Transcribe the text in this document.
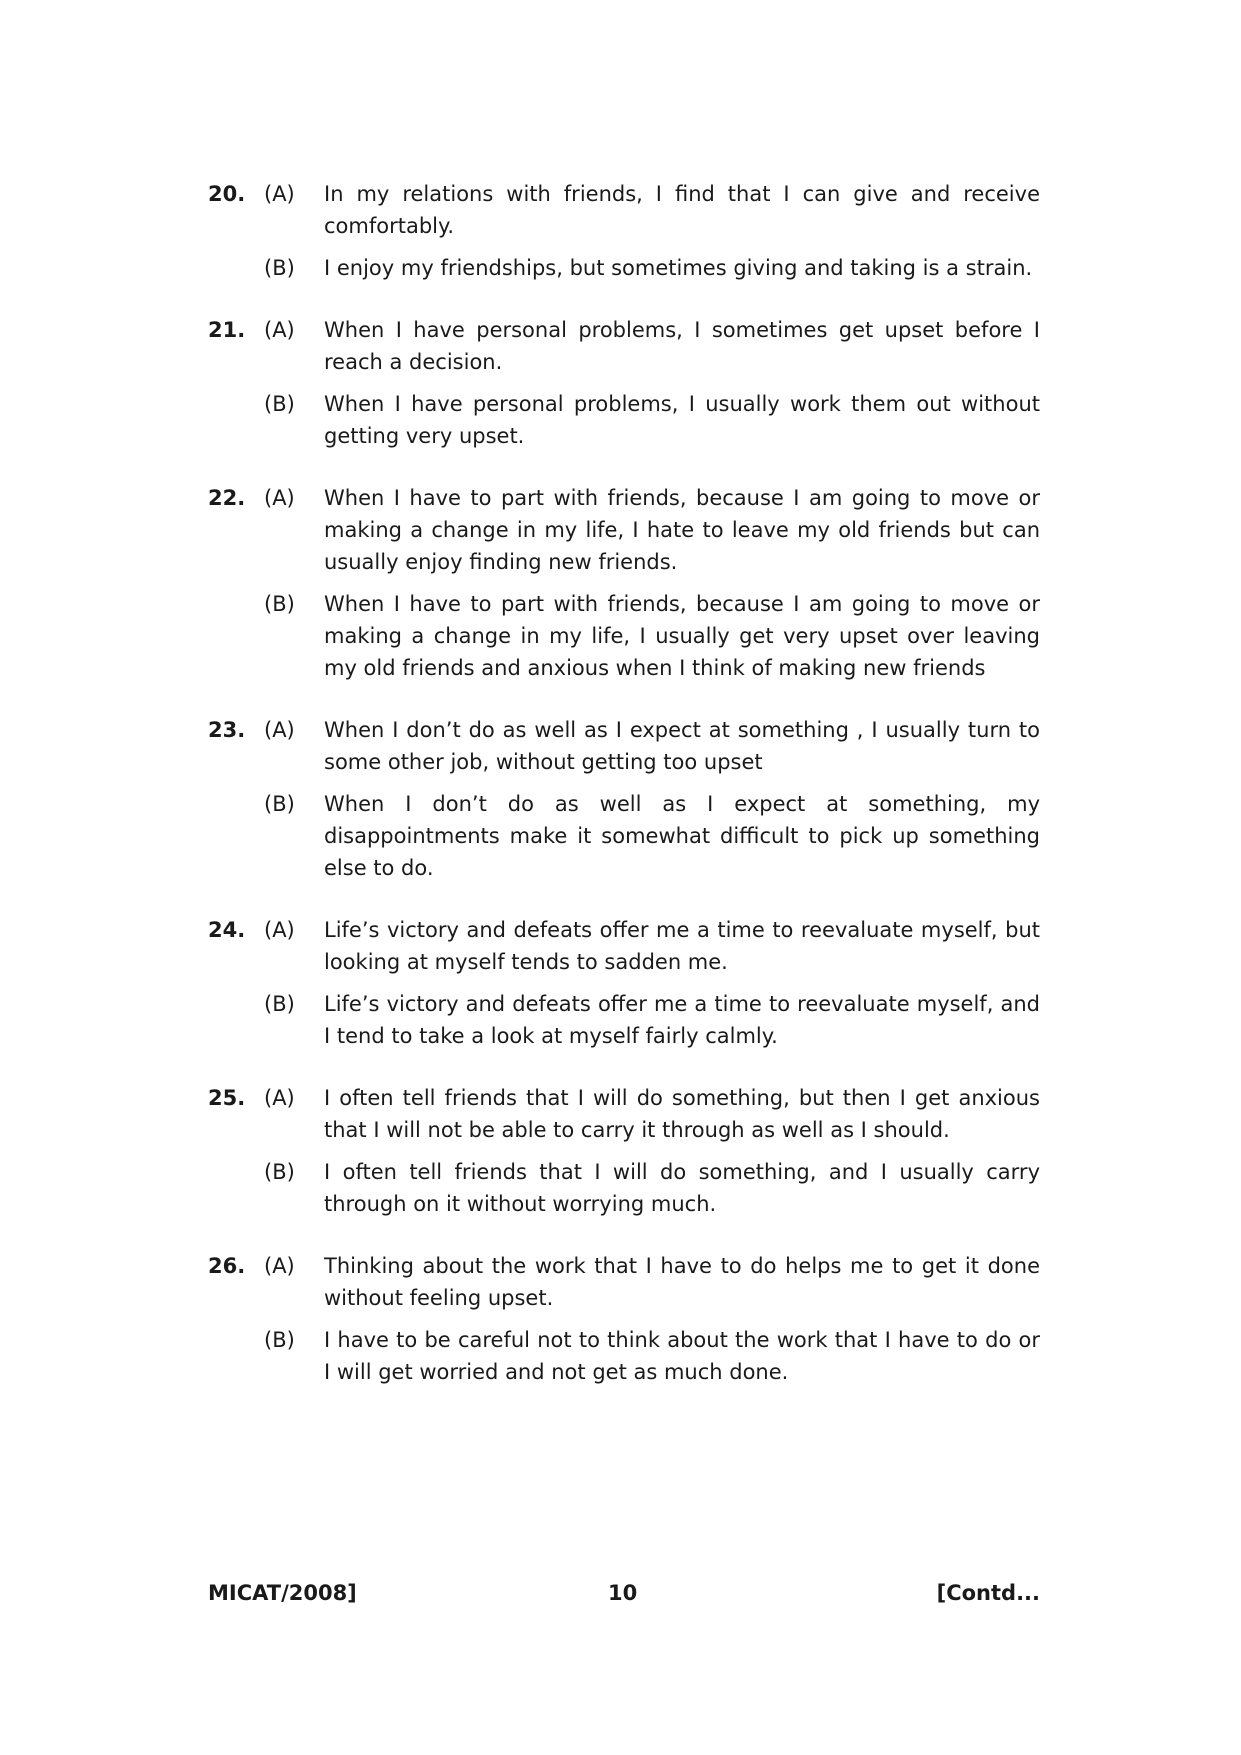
20. (A)	In my relations with friends, I find that I can give and receive comfortably.
(B)	I enjoy my friendships, but sometimes giving and taking is a strain.
21. (A)	When I have personal problems, I sometimes get upset before I reach a decision.
(B)	When I have personal problems, I usually work them out without getting very upset.
22. (A)	When I have to part with friends, because I am going to move or making a change in my life, I hate to leave my old friends but can usually enjoy finding new friends.
(B)	When I have to part with friends, because I am going to move or making a change in my life, I usually get very upset over leaving my old friends and anxious when I think of making new friends
23. (A)	When I don’t do as well as I expect at something , I usually turn to some other job, without getting too upset
(B)	When I don’t do as well as I expect at something, my disappointments make it somewhat difficult to pick up something else to do.
24. (A)	Life’s victory and defeats offer me a time to reevaluate myself, but looking at myself tends to sadden me.
(B)	Life’s victory and defeats offer me a time to reevaluate myself, and I tend to take a look at myself fairly calmly.
25. (A)	I often tell friends that I will do something, but then I get anxious that I will not be able to carry it through as well as I should.
(B)	I often tell friends that I will do something, and I usually carry through on it without worrying much.
26. (A)	Thinking about the work that I have to do helps me to get it done without feeling upset.
(B)	I have to be careful not to think about the work that I have to do or I will get worried and not get as much done.
MICAT/2008]	10	[Contd...
